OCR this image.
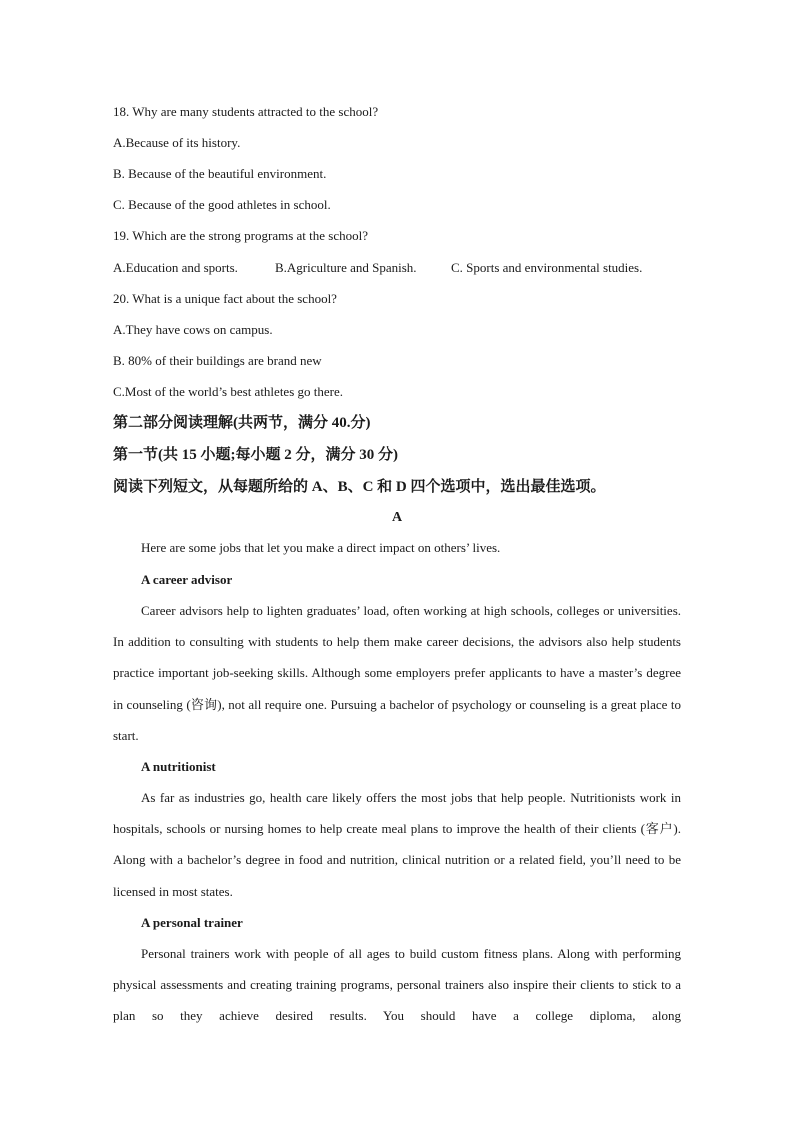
18. Why are many students attracted to the school?
A.Because of its history.
B. Because of the beautiful environment.
C. Because of the good athletes in school.
19. Which are the strong programs at the school?
A.Education and sports.	B.Agriculture and Spanish.	C. Sports and environmental studies.
20. What is a unique fact about the school?
A.They have cows on campus.
B. 80% of their buildings are brand new
C.Most of the world’s best athletes go there.
第二部分阅读理解(共两节，满分 40.分)
第一节(共 15 小题;每小题 2 分，满分 30 分)
阅读下列短文，从每题所给的 A、B、C 和 D 四个选项中，选出最佳选项。
A
Here are some jobs that let you make a direct impact on others’ lives.
A career advisor
Career advisors help to lighten graduates’ load, often working at high schools, colleges or universities. In addition to consulting with students to help them make career decisions, the advisors also help students practice important job-seeking skills. Although some employers prefer applicants to have a master’s degree in counseling (咨询), not all require one. Pursuing a bachelor of psychology or counseling is a great place to start.
A nutritionist
As far as industries go, health care likely offers the most jobs that help people. Nutritionists work in hospitals, schools or nursing homes to help create meal plans to improve the health of their clients (客户). Along with a bachelor’s degree in food and nutrition, clinical nutrition or a related field, you’ll need to be licensed in most states.
A personal trainer
Personal trainers work with people of all ages to build custom fitness plans. Along with performing physical assessments and creating training programs, personal trainers also inspire their clients to stick to a plan so they achieve desired results. You should have a college diploma, along
